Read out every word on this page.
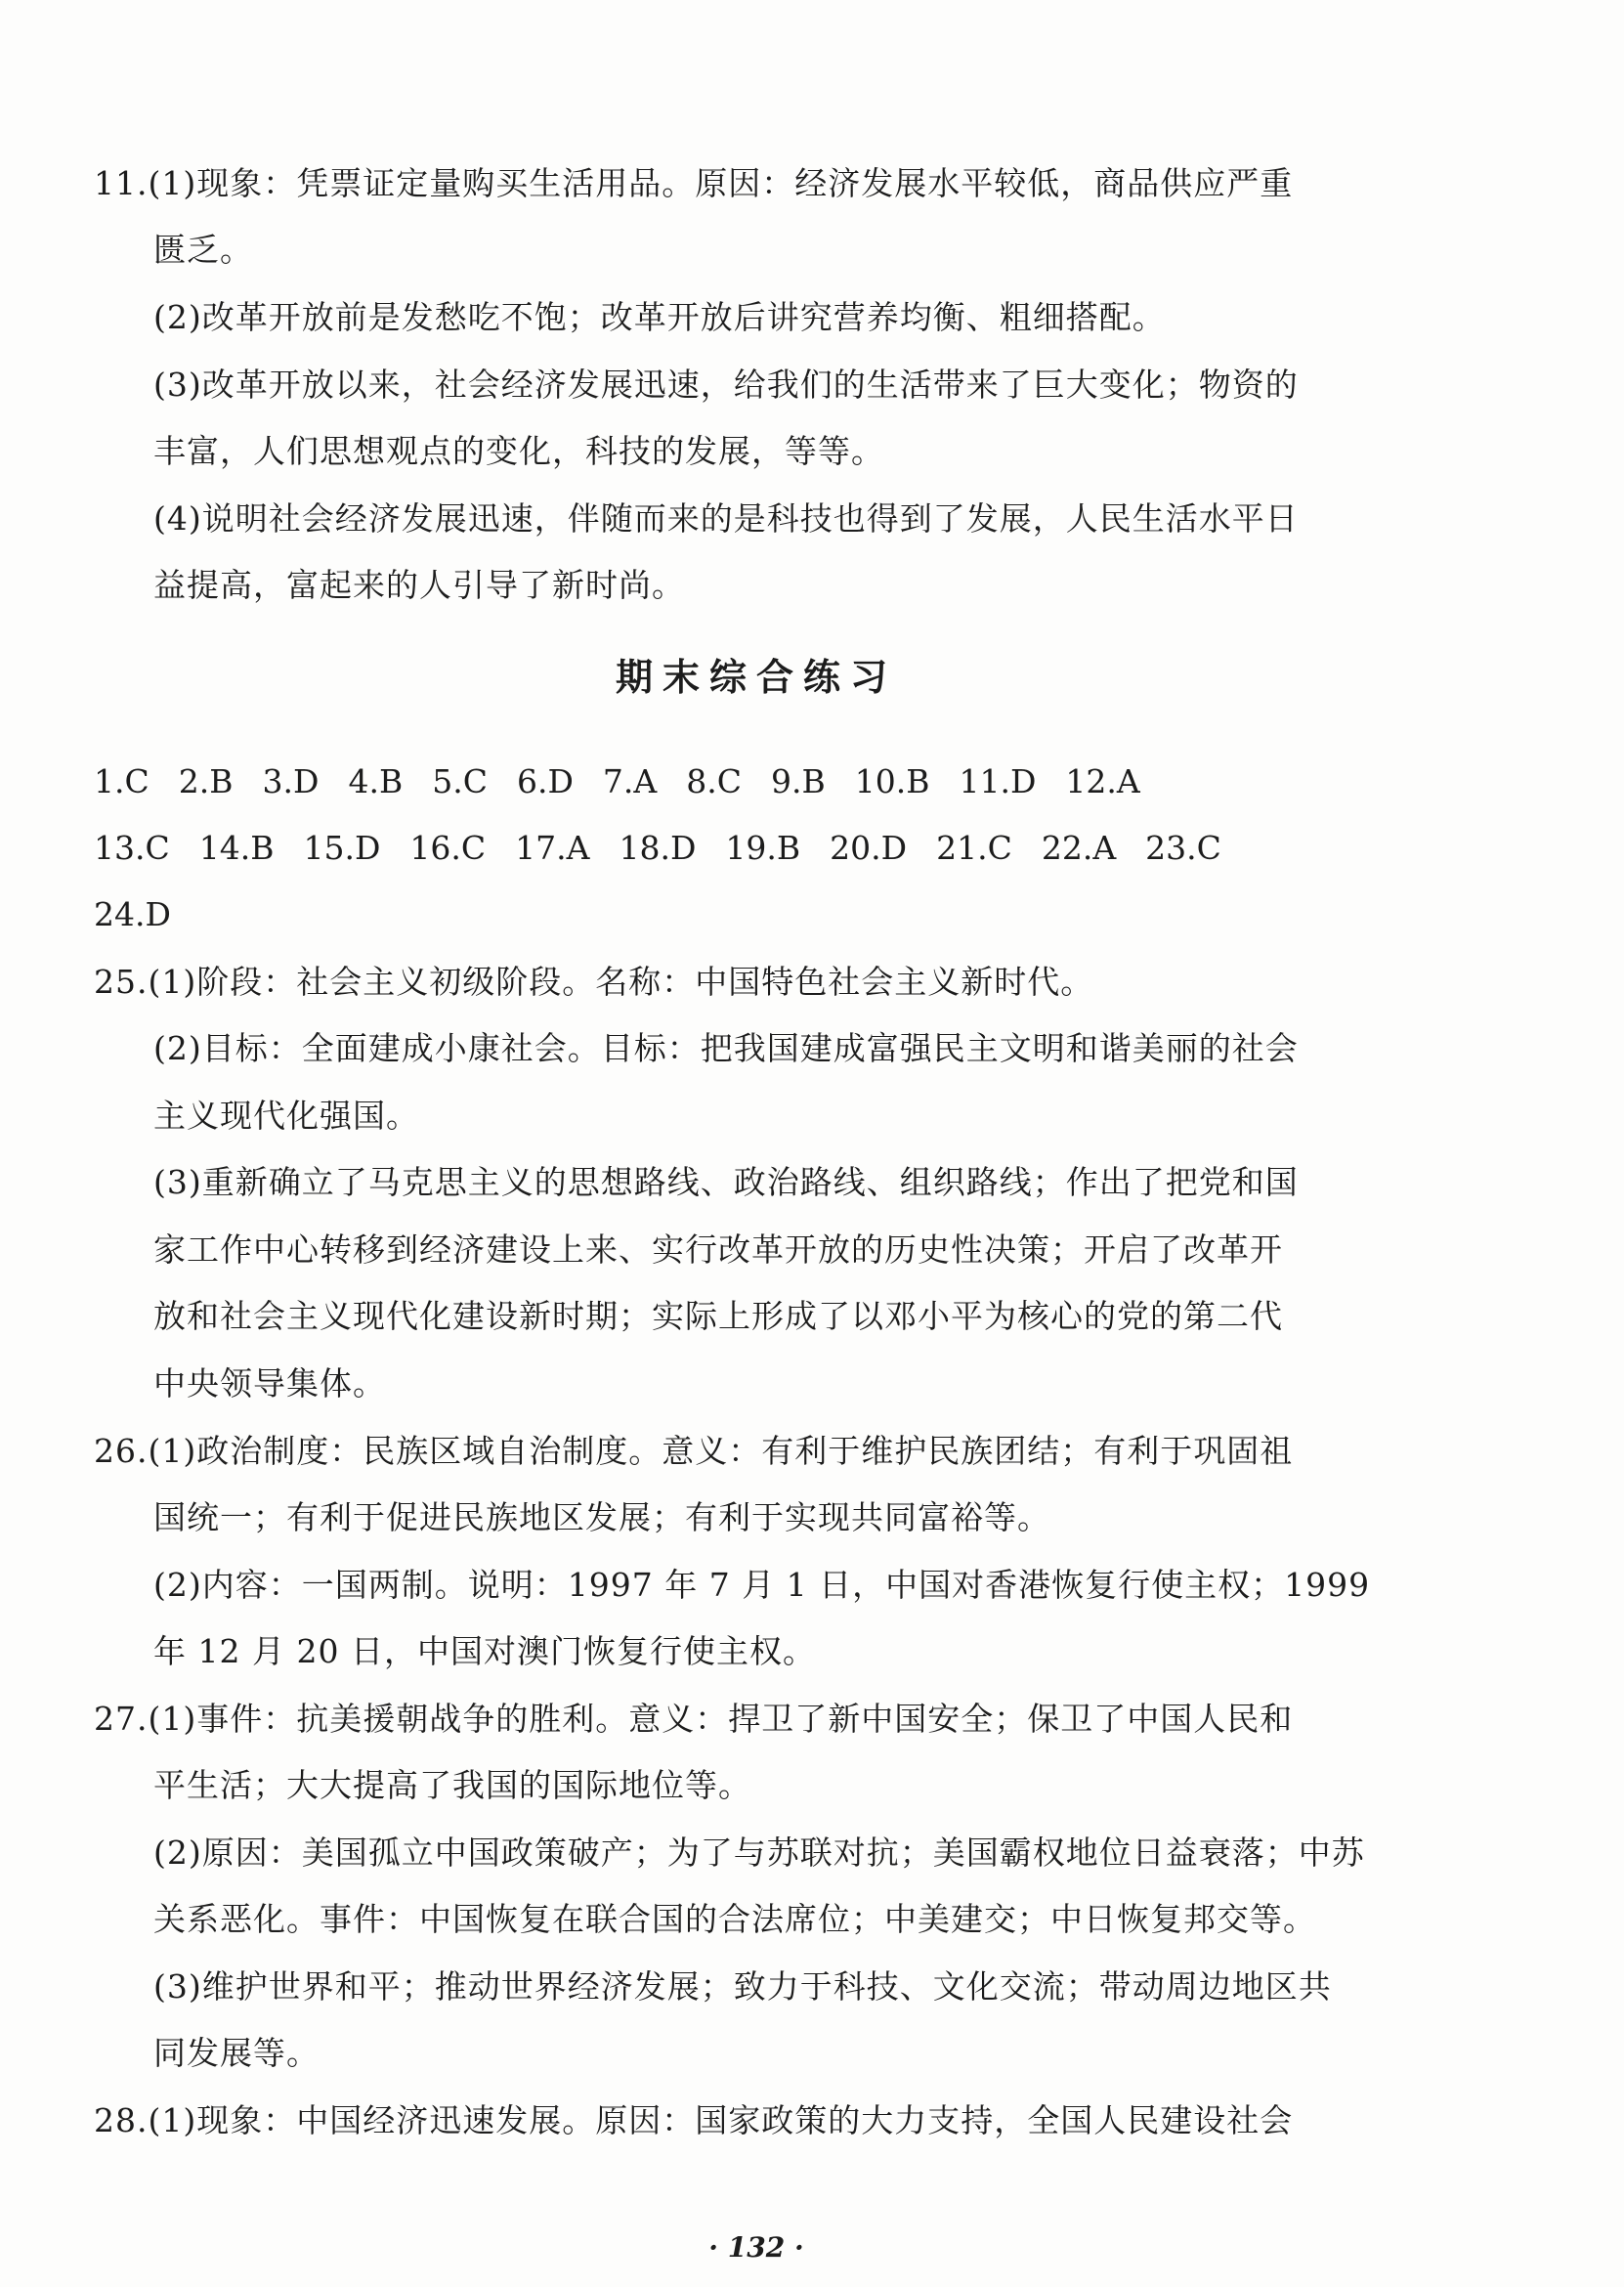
11.(1)现象：凭票证定量购买生活用品。原因：经济发展水平较低，商品供应严重
匮乏。
(2)改革开放前是发愁吃不饱；改革开放后讲究营养均衡、粗细搭配。
(3)改革开放以来，社会经济发展迅速，给我们的生活带来了巨大变化；物资的
丰富，人们思想观点的变化，科技的发展，等等。
(4)说明社会经济发展迅速，伴随而来的是科技也得到了发展，人民生活水平日
益提高，富起来的人引导了新时尚。
期末综合练习
1.C 2.B 3.D 4.B 5.C 6.D 7.A 8.C 9.B 10.B 11.D 12.A
13.C 14.B 15.D 16.C 17.A 18.D 19.B 20.D 21.C 22.A 23.C
24.D
25.(1)阶段：社会主义初级阶段。名称：中国特色社会主义新时代。
(2)目标：全面建成小康社会。目标：把我国建成富强民主文明和谐美丽的社会
主义现代化强国。
(3)重新确立了马克思主义的思想路线、政治路线、组织路线；作出了把党和国
家工作中心转移到经济建设上来、实行改革开放的历史性决策；开启了改革开
放和社会主义现代化建设新时期；实际上形成了以邓小平为核心的党的第二代
中央领导集体。
26.(1)政治制度：民族区域自治制度。意义：有利于维护民族团结；有利于巩固祖
国统一；有利于促进民族地区发展；有利于实现共同富裕等。
(2)内容：一国两制。说明：1997 年 7 月 1 日，中国对香港恢复行使主权；1999
年 12 月 20 日，中国对澳门恢复行使主权。
27.(1)事件：抗美援朝战争的胜利。意义：捍卫了新中国安全；保卫了中国人民和
平生活；大大提高了我国的国际地位等。
(2)原因：美国孤立中国政策破产；为了与苏联对抗；美国霸权地位日益衰落；中苏
关系恶化。事件：中国恢复在联合国的合法席位；中美建交；中日恢复邦交等。
(3)维护世界和平；推动世界经济发展；致力于科技、文化交流；带动周边地区共
同发展等。
28.(1)现象：中国经济迅速发展。原因：国家政策的大力支持，全国人民建设社会
· 132 ·
